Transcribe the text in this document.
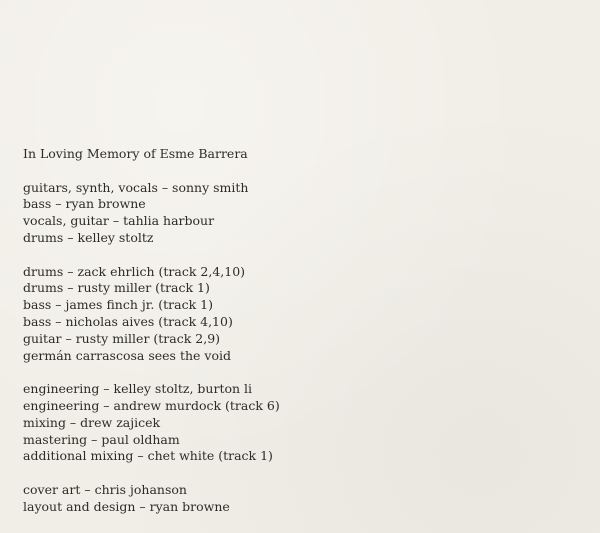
In Loving Memory of Esme Barrera
guitars, synth, vocals – sonny smith
bass – ryan browne
vocals, guitar – tahlia harbour
drums – kelley stoltz
drums – zack ehrlich (track 2,4,10)
drums – rusty miller (track 1)
bass – james finch jr. (track 1)
bass – nicholas aives (track 4,10)
guitar – rusty miller (track 2,9)
germán carrascosa sees the void
engineering – kelley stoltz, burton li
engineering – andrew murdock (track 6)
mixing – drew zajicek
mastering – paul oldham
additional mixing – chet white (track 1)
cover art – chris johanson
layout and design – ryan browne
